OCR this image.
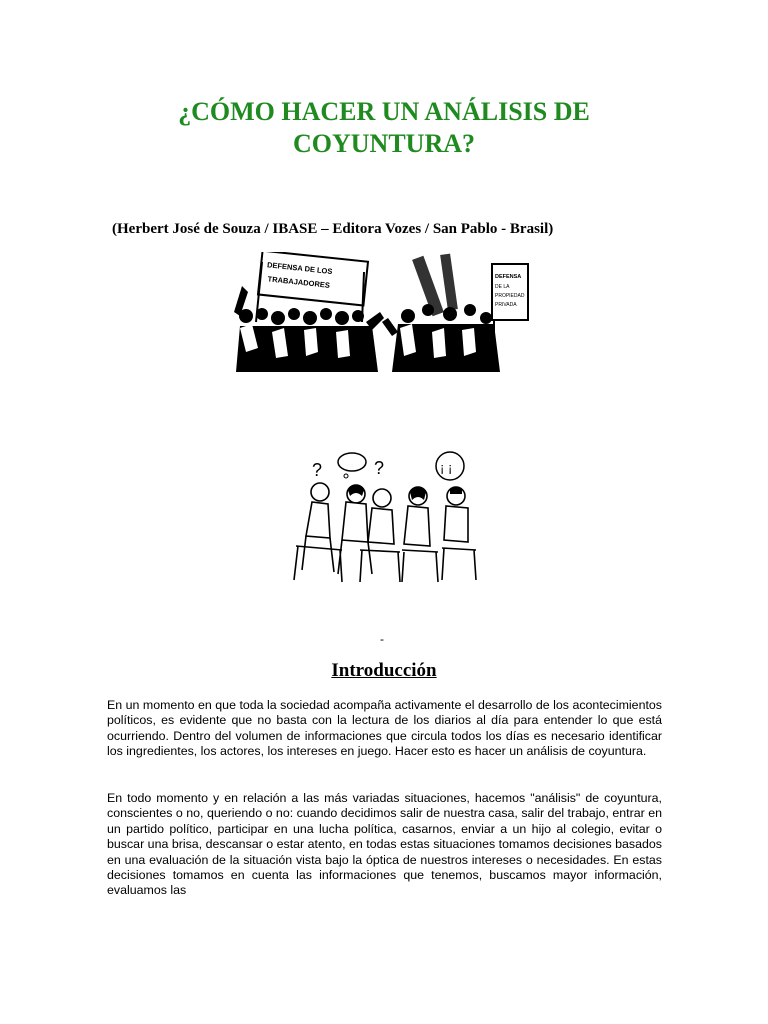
¿CÓMO HACER UN ANÁLISIS DE
COYUNTURA?
(Herbert José de Souza / IBASE – Editora Vozes / San Pablo - Brasil)
DEFENSA DE LOS
TRABAJADORES	DEFENSA
DE LA
PROPIEDAD
PRIVADA
?	?	¡ ¡
-
Introducción

En un momento en que toda la sociedad acompaña activamente el desarrollo de los acontecimientos políticos, es evidente que no basta con la lectura de los diarios al día para entender lo que está ocurriendo. Dentro del volumen de informaciones que circula todos los días es necesario identificar los ingredientes, los actores, los intereses en juego. Hacer esto es hacer un análisis de coyuntura.

En todo momento y en relación a las más variadas situaciones, hacemos "análisis" de coyuntura, conscientes o no, queriendo o no: cuando decidimos salir de nuestra casa, salir del trabajo, entrar en un partido político, participar en una lucha política, casarnos, enviar a un hijo al colegio, evitar o buscar una brisa, descansar o estar atento, en todas estas situaciones tomamos decisiones basados en una evaluación de la situación vista bajo la óptica de nuestros intereses o necesidades. En estas decisiones tomamos en cuenta las informaciones que tenemos, buscamos mayor información, evaluamos las
